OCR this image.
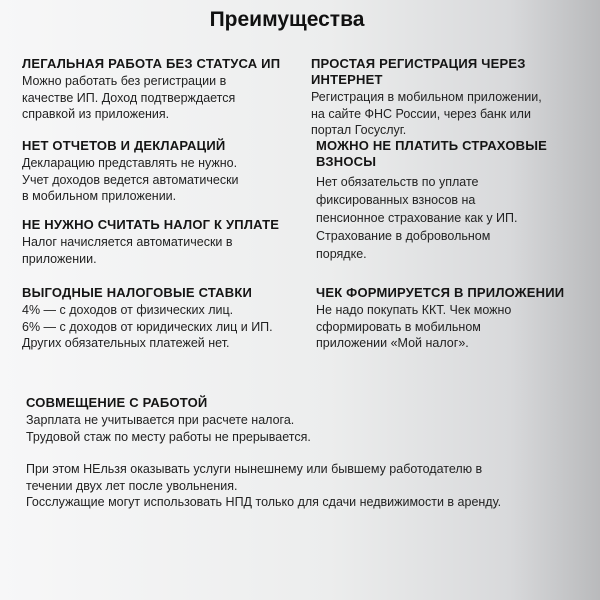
Преимущества
ЛЕГАЛЬНАЯ РАБОТА БЕЗ СТАТУСА ИП

Можно работать без регистрации в
качестве ИП. Доход подтверждается
справкой из приложения.

ПРОСТАЯ РЕГИСТРАЦИЯ ЧЕРЕЗ ИНТЕРНЕТ

Регистрация в мобильном приложении,
на сайте ФНС России, через банк или
портал Госуслуг.

НЕТ ОТЧЕТОВ И ДЕКЛАРАЦИЙ

Декларацию представлять не нужно.
Учет доходов ведется автоматически
в мобильном приложении.

МОЖНО НЕ ПЛАТИТЬ СТРАХОВЫЕ
ВЗНОСЫ

Нет обязательств по уплате
фиксированных взносов на
пенсионное страхование как у ИП.
Страхование в добровольном
порядке.

НЕ НУЖНО СЧИТАТЬ НАЛОГ К УПЛАТЕ

Налог начисляется автоматически в
приложении.

ВЫГОДНЫЕ НАЛОГОВЫЕ СТАВКИ

4% — с доходов от физических лиц.
6% — с доходов от юридических лиц и ИП.
Других обязательных платежей нет.

ЧЕК ФОРМИРУЕТСЯ В ПРИЛОЖЕНИИ

Не надо покупать ККТ. Чек можно
сформировать в мобильном
приложении «Мой налог».

СОВМЕЩЕНИЕ С РАБОТОЙ

Зарплата не учитывается при расчете налога.
Трудовой стаж по месту работы не прерывается.

При этом НЕльзя оказывать услуги нынешнему или бывшему работодателю в
течении двух лет после увольнения.
Госслужащие могут использовать НПД только для сдачи недвижимости в аренду.
